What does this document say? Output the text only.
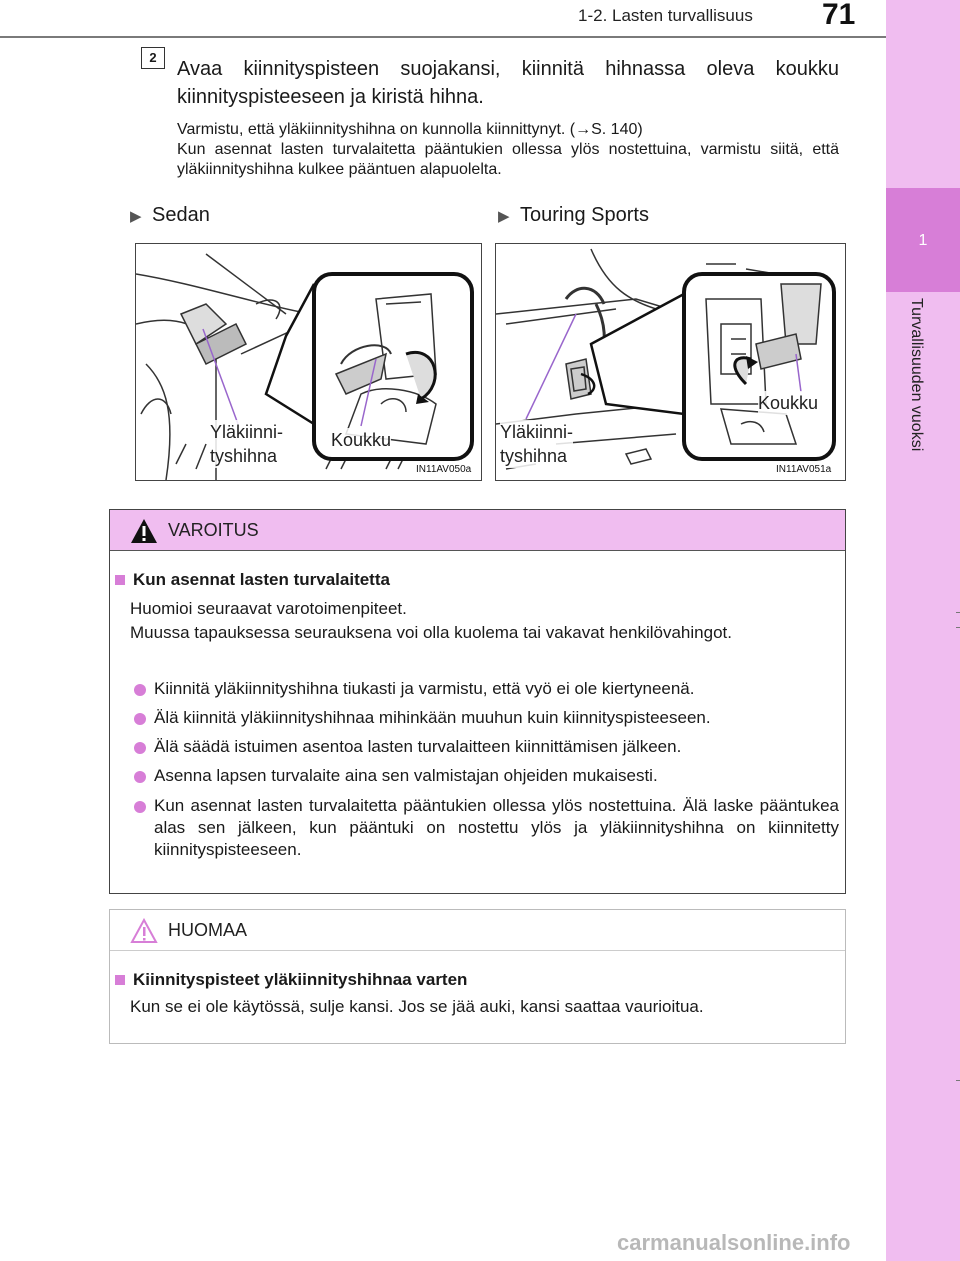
1-2. Lasten turvallisuus 71
1
Turvallisuuden vuoksi
2
Avaa kiinnityspisteen suojakansi, kiinnitä hihnassa oleva koukku kiinnityspisteeseen ja kiristä hihna.
Varmistu, että yläkiinnityshihna on kunnolla kiinnittynyt. (→S. 140)
Kun asennat lasten turvalaitetta pääntukien ollessa ylös nostettuina, varmistu siitä, että yläkiinnityshihna kulkee pääntuen alapuolelta.
▶ Sedan	▶ Touring Sports
Yläkiinni-
tyshihna
Koukku
IN11AV050a
Yläkiinni-
tyshihna
Koukku
IN11AV051a
VAROITUS
Kun asennat lasten turvalaitetta
Huomioi seuraavat varotoimenpiteet.
Muussa tapauksessa seurauksena voi olla kuolema tai vakavat henkilövahingot.
Kiinnitä yläkiinnityshihna tiukasti ja varmistu, että vyö ei ole kiertyneenä.
Älä kiinnitä yläkiinnityshihnaa mihinkään muuhun kuin kiinnityspisteeseen.
Älä säädä istuimen asentoa lasten turvalaitteen kiinnittämisen jälkeen.
Asenna lapsen turvalaite aina sen valmistajan ohjeiden mukaisesti.
Kun asennat lasten turvalaitetta pääntukien ollessa ylös nostettuina. Älä laske pääntukea alas sen jälkeen, kun pääntuki on nostettu ylös ja yläkiinnityshihna on kiinnitetty kiinnityspisteeseen.
HUOMAA
Kiinnityspisteet yläkiinnityshihnaa varten
Kun se ei ole käytössä, sulje kansi. Jos se jää auki, kansi saattaa vaurioitua.
carmanualsonline.info
